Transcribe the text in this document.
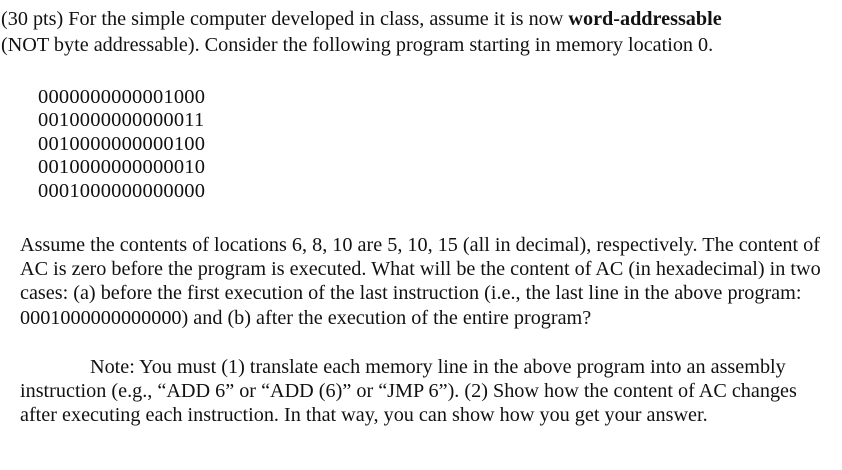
(30 pts) For the simple computer developed in class, assume it is now word-addressable
(NOT byte addressable). Consider the following program starting in memory location 0.

0000000000001000
0010000000000011
0010000000000100
0010000000000010
0001000000000000

Assume the contents of locations 6, 8, 10 are 5, 10, 15 (all in decimal), respectively. The content of AC is zero before the program is executed. What will be the content of AC (in hexadecimal) in two cases: (a) before the first execution of the last instruction (i.e., the last line in the above program: 0001000000000000) and (b) after the execution of the entire program?

Note: You must (1) translate each memory line in the above program into an assembly instruction (e.g., “ADD 6” or “ADD (6)” or “JMP 6”). (2) Show how the content of AC changes after executing each instruction. In that way, you can show how you get your answer.
